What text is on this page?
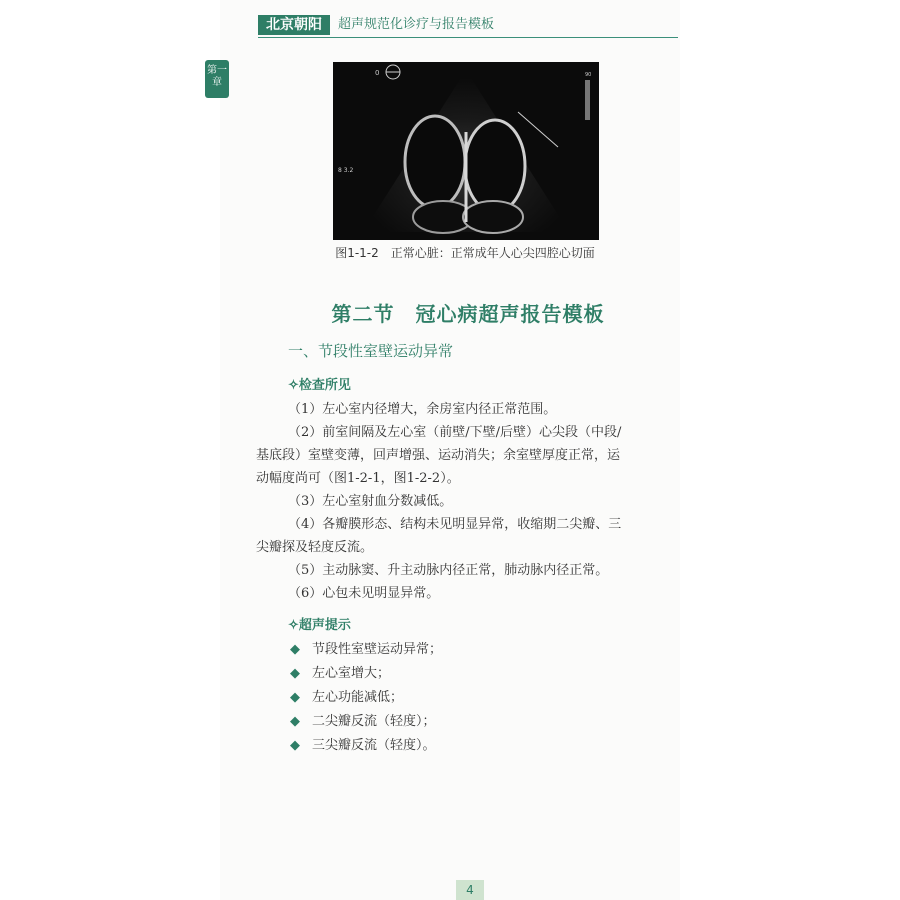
北京朝阳	超声规范化诊疗与报告模板
第一
章
0	90
8 3.2
图1-1-2　正常心脏：正常成年人心尖四腔心切面
第二节　冠心病超声报告模板
一、节段性室壁运动异常
✧检查所见
（1）左心室内径增大，余房室内径正常范围。
（2）前室间隔及左心室（前壁/下壁/后壁）心尖段（中段/
基底段）室壁变薄，回声增强、运动消失；余室壁厚度正常，运
动幅度尚可（图1-2-1，图1-2-2）。
（3）左心室射血分数减低。
（4）各瓣膜形态、结构未见明显异常，收缩期二尖瓣、三
尖瓣探及轻度反流。
（5）主动脉窦、升主动脉内径正常，肺动脉内径正常。
（6）心包未见明显异常。
✧超声提示
◆ 节段性室壁运动异常；
◆ 左心室增大；
◆ 左心功能减低；
◆ 二尖瓣反流（轻度）；
◆ 三尖瓣反流（轻度）。
4
